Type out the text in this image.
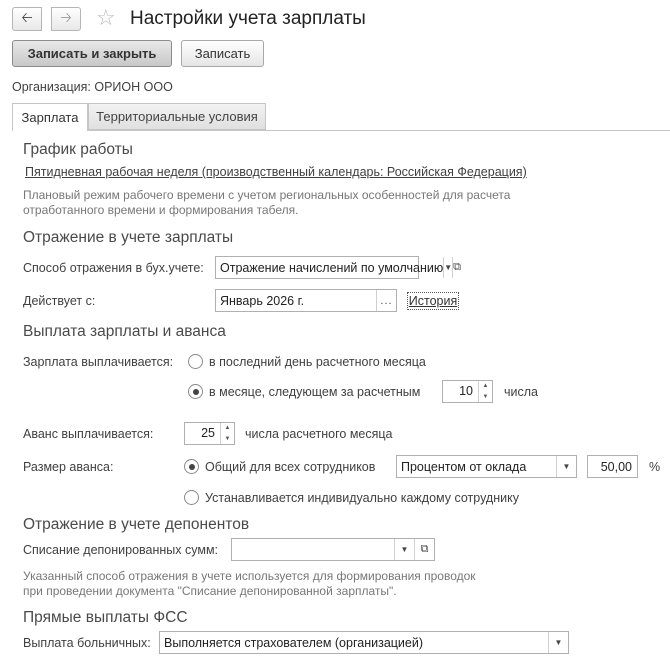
🡠 🡢 ☆ Настройки учета зарплаты
Записать и закрыть	Записать
Организация: ОРИОН ООО
Зарплата	Территориальные условия
График работы
Пятидневная рабочая неделя (производственный календарь: Российская Федерация)
Плановый режим рабочего времени с учетом региональных особенностей для расчета
отработанного времени и формирования табеля.
Отражение в учете зарплаты
Способ отражения в бух.учете:	Отражение начислений по умолчанию ▼ ⧉
Действует с:	Январь 2026 г.	... История
Выплата зарплаты и аванса
Зарплата выплачивается:	в последний день расчетного месяца
в месяце, следующем за расчетным	10	▲
▼ числа
Аванс выплачивается:	25	▲
▼ числа расчетного месяца
Размер аванса:	Общий для всех сотрудников	Процентом от оклада	▼	50,00	%
Устанавливается индивидуально каждому сотруднику
Отражение в учете депонентов
Списание депонированных сумм:	▼	⧉
Указанный способ отражения в учете используется для формирования проводок
при проведении документа "Списание депонированной зарплаты".
Прямые выплаты ФСС
Выплата больничных:	Выполняется страхователем (организацией)	▼
